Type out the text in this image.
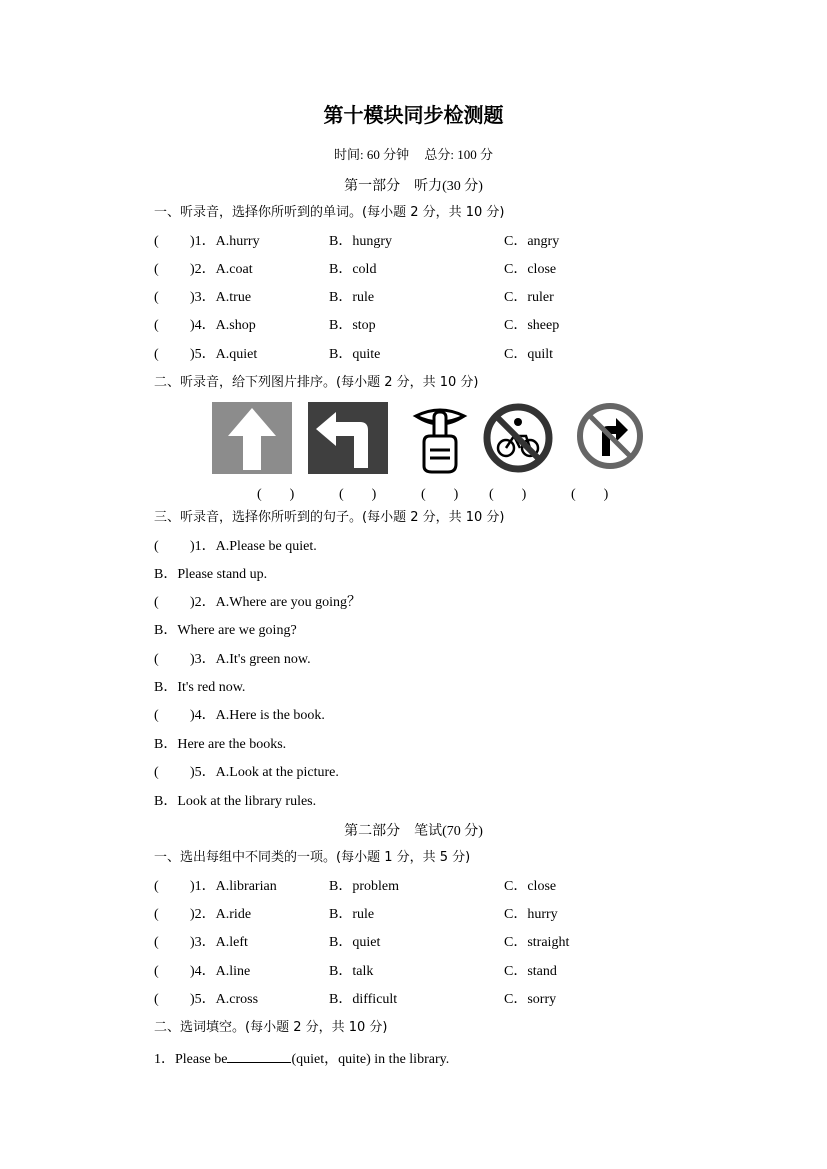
第十模块同步检测题
时间: 60 分钟 总分: 100 分
第一部分　听力(30 分)
一、听录音，选择你所听到的单词。(每小题 2 分，共 10 分)
( )1．A.hurry	B．hungry	C．angry
( )2．A.coat	B．cold	C．close
( )3．A.true	B．rule	C．ruler
( )4．A.shop	B．stop	C．sheep
( )5．A.quiet	B．quite	C．quilt
二、听录音，给下列图片排序。(每小题 2 分，共 10 分)
(　　)	(　　)	(　　) (　　)	(　　)
三、听录音，选择你所听到的句子。(每小题 2 分，共 10 分)
( )1．A.Please be quiet.
B．Please stand up.
( )2．A.Where are you going？
B．Where are we going?
( )3．A.It's green now.
B．It's red now.
( )4．A.Here is the book.
B．Here are the books.
( )5．A.Look at the picture.
B．Look at the library rules.
第二部分　笔试(70 分)
一、选出每组中不同类的一项。(每小题 1 分，共 5 分)
( )1．A.librarian	B．problem	C．close
( )2．A.ride	B．rule	C．hurry
( )3．A.left	B．quiet	C．straight
( )4．A.line	B．talk	C．stand
( )5．A.cross	B．difficult	C．sorry
二、选词填空。(每小题 2 分，共 10 分)
1．Please be	(quiet，quite) in the library.
